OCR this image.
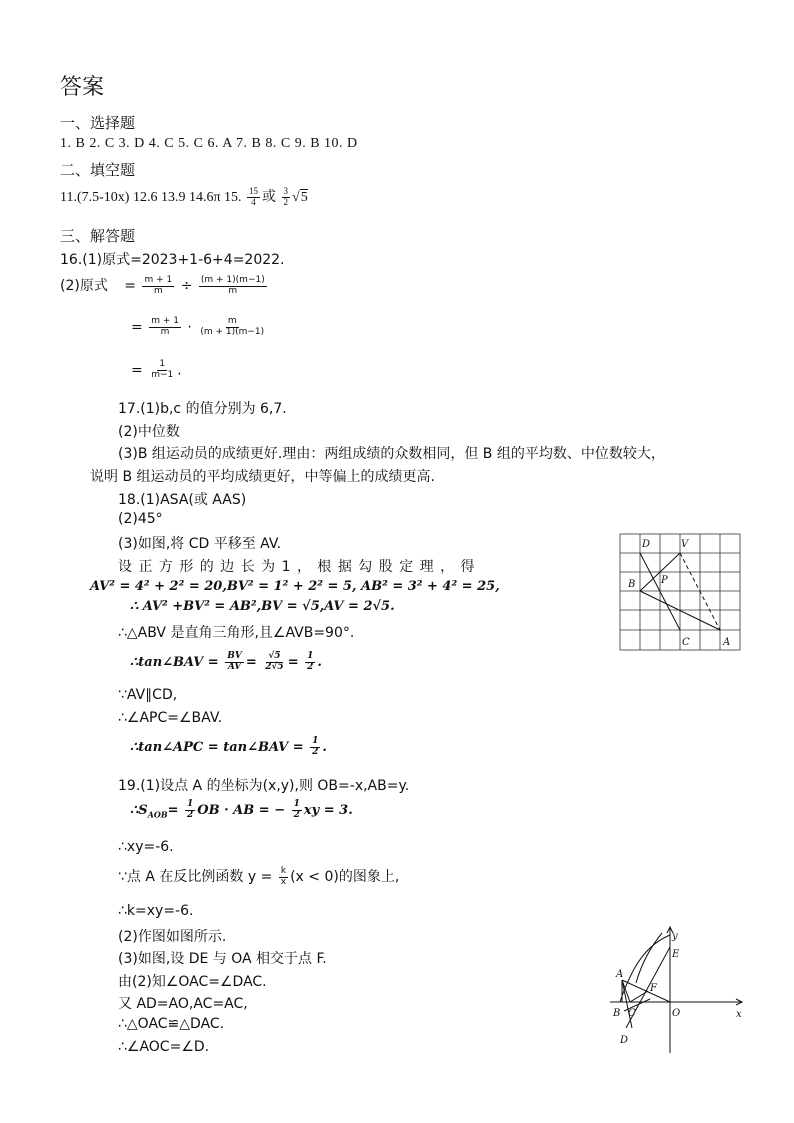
答案
一、选择题
1. B 2. C 3. D 4. C 5. C 6. A 7. B 8. C 9. B 10. D
二、填空题
11.(7.5-10x) 12.6 13.9 14.6π 15. $\frac{15}{4}$ 或 $\frac{3}{2} √5$
三、解答题
16.(1)原式=2023+1-6+4=2022.
(2)原式 = $\frac{m + 1}{m} \div \frac{(m + 1)(m-1)}{m}$
= $\frac{m + 1}{m} \cdot \frac{m}{(m + 1)(m-1)}$
= $\frac{1}{m-1}$ .
17.(1)b,c 的值分别为 6,7.
(2)中位数
(3)B 组运动员的成绩更好.理由：两组成绩的众数相同，但 B 组的平均数、中位数较大，
说明 B 组运动员的平均成绩更好，中等偏上的成绩更高.
18.(1)ASA(或 AAS)
(2)45°
(3)如图,将 CD 平移至 AV.
设 正 方 形 的 边 长 为 1 ， 根 据 勾 股 定 理 ， 得
AV² = 4² + 2² = 20,BV² = 1² + 2² = 5, AB² = 3² + 4² = 25,
∴ AV² +BV² = AB²,BV = √5,AV = 2√5.
∴△ABV 是直角三角形,且∠AVB=90°.
∴tan∠BAV = $\frac{BV}{AV} = \frac{√5}{2√5} = \frac{1}{2}$ .
∵AV∥CD,
∴∠APC=∠BAV.
∴tan∠APC = tan∠BAV = $\frac{1}{2}$ .
D	V
B	P
C	A
19.(1)设点 A 的坐标为(x,y),则 OB=-x,AB=y.
$\therefore S_{AOB}= \frac{1}{2}$ OB · AB = − $\frac{1}{2}$ xy = 3.
∴xy=-6.
∵点 A 在反比例函数 $y = \frac{k}{x} (x < 0)$的图象上,
∴k=xy=-6.
(2)作图如图所示.
(3)如图,设 DE 与 OA 相交于点 F.
由(2)知∠OAC=∠DAC.
又 AD=AO,AC=AC,
∴△OAC≌△DAC.
∴∠AOC=∠D.
y
E
A
F
B C	O	x
D
